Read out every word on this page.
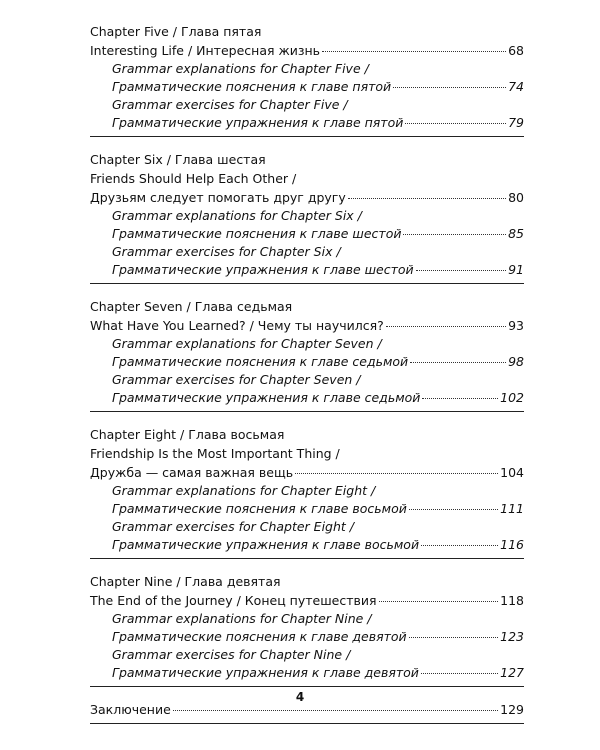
Chapter Five / Глава пятая
Interesting Life / Интересная жизнь	68
Grammar explanations for Chapter Five /
Грамматические пояснения к главе пятой	74
Grammar exercises for Chapter Five /
Грамматические упражнения к главе пятой	79
Chapter Six / Глава шестая
Friends Should Help Each Other /
Друзьям следует помогать друг другу	80
Grammar explanations for Chapter Six /
Грамматические пояснения к главе шестой	85
Grammar exercises for Chapter Six /
Грамматические упражнения к главе шестой	91
Chapter Seven / Глава седьмая
What Have You Learned? / Чему ты научился?	93
Grammar explanations for Chapter Seven /
Грамматические пояснения к главе седьмой	98
Grammar exercises for Chapter Seven /
Грамматические упражнения к главе седьмой	102
Chapter Eight / Глава восьмая
Friendship Is the Most Important Thing /
Дружба — самая важная вещь	104
Grammar explanations for Chapter Eight /
Грамматические пояснения к главе восьмой	111
Grammar exercises for Chapter Eight /
Грамматические упражнения к главе восьмой	116
Chapter Nine / Глава девятая
The End of the Journey / Конец путешествия	118
Grammar explanations for Chapter Nine /
Грамматические пояснения к главе девятой	123
Grammar exercises for Chapter Nine /
Грамматические упражнения к главе девятой	127
Заключение	129
4
